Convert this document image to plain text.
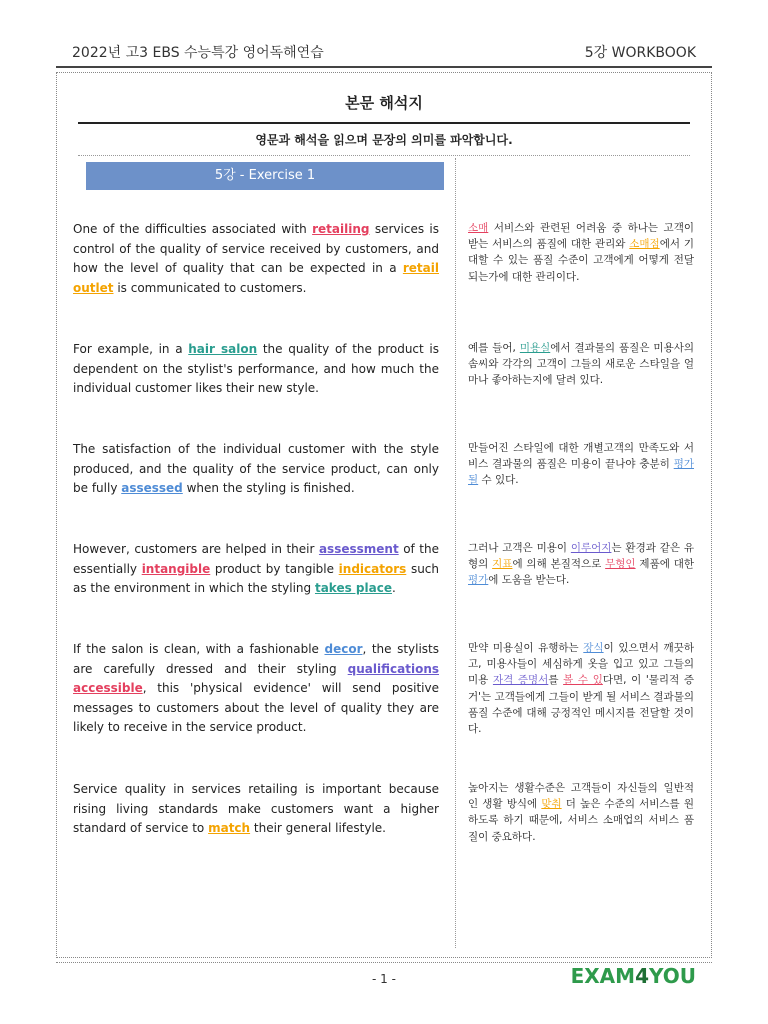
2022년 고3 EBS 수능특강 영어독해연습	5강 WORKBOOK
본문 해석지
영문과 해석을 읽으며 문장의 의미를 파악합니다.
5강 - Exercise 1
One of the difficulties associated with retailing services is control of the quality of service received by customers, and how the level of quality that can be expected in a retail outlet is communicated to customers.
소매 서비스와 관련된 어려움 중 하나는 고객이 받는 서비스의 품질에 대한 관리와 소매점에서 기대할 수 있는 품질 수준이 고객에게 어떻게 전달되는가에 대한 관리이다.
For example, in a hair salon the quality of the product is dependent on the stylist's performance, and how much the individual customer likes their new style.
예를 들어, 미용실에서 결과물의 품질은 미용사의 솜씨와 각각의 고객이 그들의 새로운 스타일을 얼마나 좋아하는지에 달려 있다.
The satisfaction of the individual customer with the style produced, and the quality of the service product, can only be fully assessed when the styling is finished.
만들어진 스타일에 대한 개별고객의 만족도와 서비스 결과물의 품질은 미용이 끝나야 충분히 평가될 수 있다.
However, customers are helped in their assessment of the essentially intangible product by tangible indicators such as the environment in which the styling takes place.
그러나 고객은 미용이 이루어지는 환경과 같은 유형의 지표에 의해 본질적으로 무형인 제품에 대한 평가에 도움을 받는다.
If the salon is clean, with a fashionable decor, the stylists are carefully dressed and their styling qualifications accessible, this 'physical evidence' will send positive messages to customers about the level of quality they are likely to receive in the service product.
만약 미용실이 유행하는 장식이 있으면서 깨끗하고, 미용사들이 세심하게 옷을 입고 있고 그들의 미용 자격 증명서를 볼 수 있다면, 이 '물리적 증거'는 고객들에게 그들이 받게 될 서비스 결과물의 품질 수준에 대해 긍정적인 메시지를 전달할 것이다.
Service quality in services retailing is important because rising living standards make customers want a higher standard of service to match their general lifestyle.
높아지는 생활수준은 고객들이 자신들의 일반적인 생활 방식에 맞춰 더 높은 수준의 서비스를 원하도록 하기 때문에, 서비스 소매업의 서비스 품질이 중요하다.
- 1 -	EXAM4YOU
